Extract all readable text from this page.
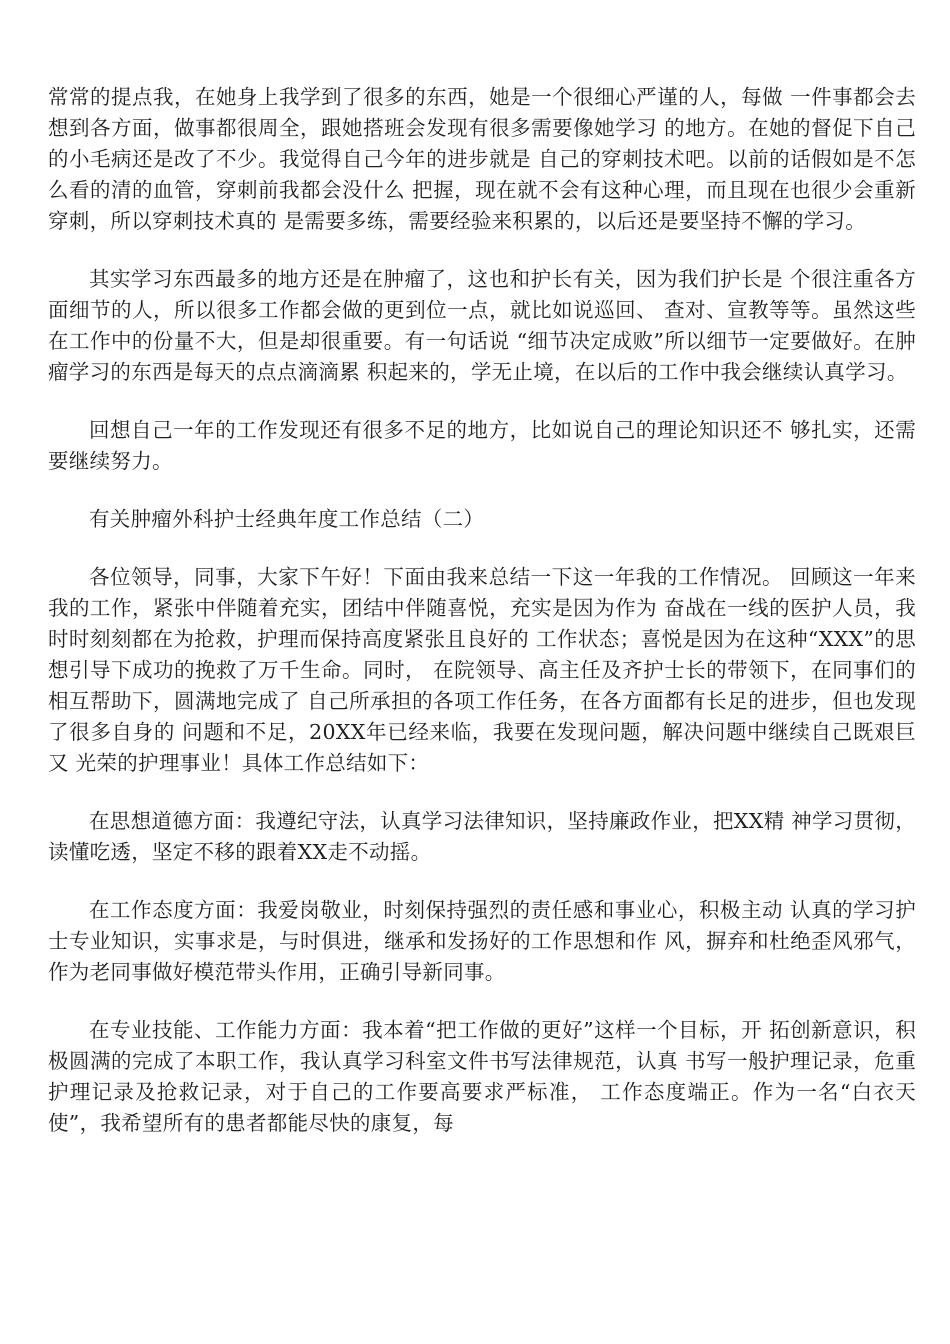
常常的提点我，在她身上我学到了很多的东西，她是一个很细心严谨的人，每做 一件事都会去想到各方面，做事都很周全，跟她搭班会发现有很多需要像她学习 的地方。在她的督促下自己的小毛病还是改了不少。我觉得自己今年的进步就是 自己的穿刺技术吧。以前的话假如是不怎么看的清的血管，穿刺前我都会没什么 把握，现在就不会有这种心理，而且现在也很少会重新穿刺，所以穿刺技术真的 是需要多练，需要经验来积累的，以后还是要坚持不懈的学习。

其实学习东西最多的地方还是在肿瘤了，这也和护长有关，因为我们护长是 个很注重各方面细节的人，所以很多工作都会做的更到位一点，就比如说巡回、 查对、宣教等等。虽然这些在工作中的份量不大，但是却很重要。有一句话说 “细节决定成败”所以细节一定要做好。在肿瘤学习的东西是每天的点点滴滴累 积起来的，学无止境，在以后的工作中我会继续认真学习。

回想自己一年的工作发现还有很多不足的地方，比如说自己的理论知识还不 够扎实，还需要继续努力。

有关肿瘤外科护士经典年度工作总结（二）

各位领导，同事，大家下午好！下面由我来总结一下这一年我的工作情况。 回顾这一年来我的工作，紧张中伴随着充实，团结中伴随喜悦，充实是因为作为 奋战在一线的医护人员，我时时刻刻都在为抢救，护理而保持高度紧张且良好的 工作状态；喜悦是因为在这种“XXX”的思想引导下成功的挽救了万千生命。同时， 在院领导、高主任及齐护士长的带领下，在同事们的相互帮助下，圆满地完成了 自己所承担的各项工作任务，在各方面都有长足的进步，但也发现了很多自身的 问题和不足，20XX年已经来临，我要在发现问题，解决问题中继续自己既艰巨又 光荣的护理事业！具体工作总结如下：

在思想道德方面：我遵纪守法，认真学习法律知识，坚持廉政作业，把XX精 神学习贯彻，读懂吃透，坚定不移的跟着XX走不动摇。

在工作态度方面：我爱岗敬业，时刻保持强烈的责任感和事业心，积极主动 认真的学习护士专业知识，实事求是，与时俱进，继承和发扬好的工作思想和作 风，摒弃和杜绝歪风邪气，作为老同事做好模范带头作用，正确引导新同事。

在专业技能、工作能力方面：我本着“把工作做的更好”这样一个目标，开 拓创新意识，积极圆满的完成了本职工作，我认真学习科室文件书写法律规范，认真 书写一般护理记录，危重护理记录及抢救记录，对于自己的工作要高要求严标准， 工作态度端正。作为一名“白衣天使”，我希望所有的患者都能尽快的康复，每
